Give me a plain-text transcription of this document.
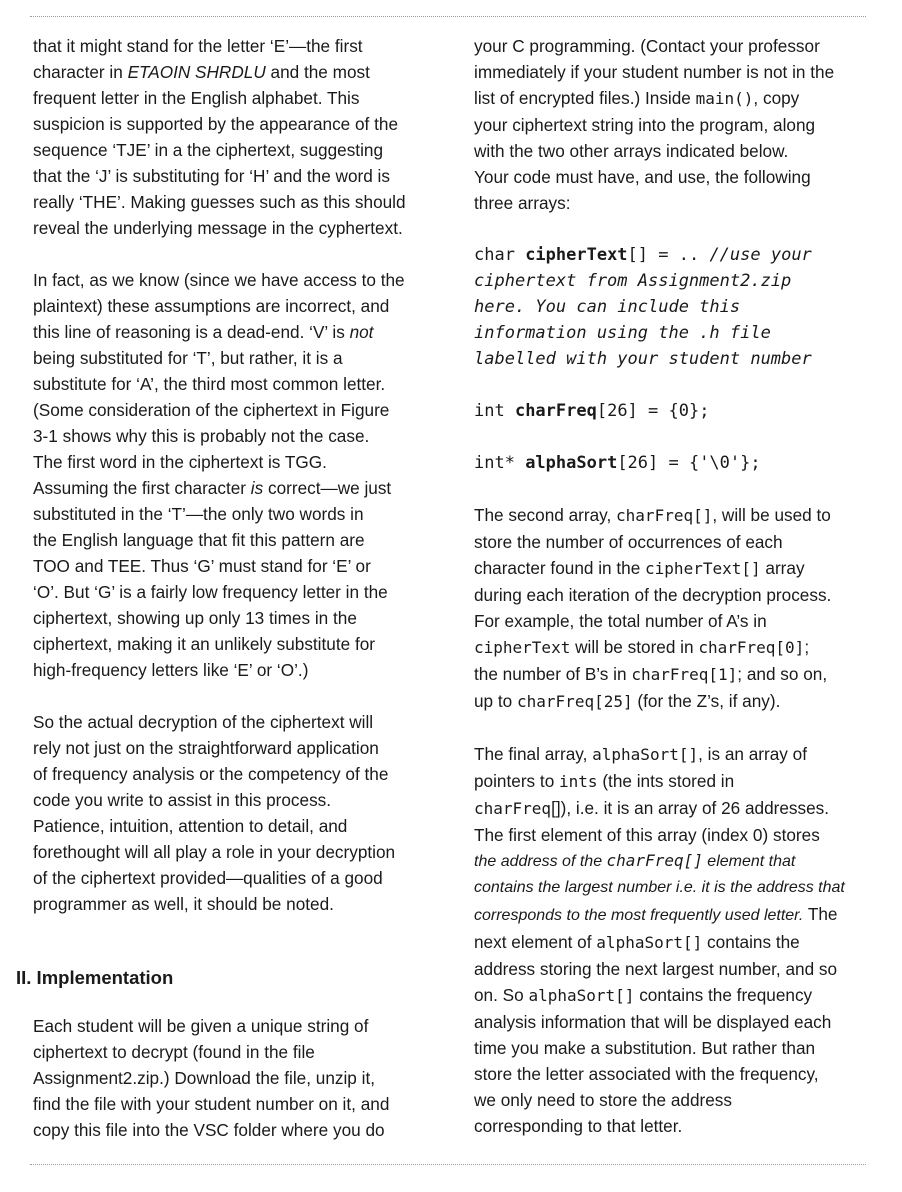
that it might stand for the letter ‘E’—the first
character in ETAOIN SHRDLU and the most
frequent letter in the English alphabet. This
suspicion is supported by the appearance of the
sequence ‘TJE’ in a the ciphertext, suggesting
that the ‘J’ is substituting for ‘H’ and the word is
really ‘THE’. Making guesses such as this should
reveal the underlying message in the cyphertext.

In fact, as we know (since we have access to the
plaintext) these assumptions are incorrect, and
this line of reasoning is a dead-end. ‘V’ is not
being substituted for ‘T’, but rather, it is a
substitute for ‘A’, the third most common letter.
(Some consideration of the ciphertext in Figure
3-1 shows why this is probably not the case.
The first word in the ciphertext is TGG.
Assuming the first character is correct—we just
substituted in the ‘T’—the only two words in
the English language that fit this pattern are
TOO and TEE. Thus ‘G’ must stand for ‘E’ or
‘O’. But ‘G’ is a fairly low frequency letter in the
ciphertext, showing up only 13 times in the
ciphertext, making it an unlikely substitute for
high-frequency letters like ‘E’ or ‘O’.)

So the actual decryption of the ciphertext will
rely not just on the straightforward application
of frequency analysis or the competency of the
code you write to assist in this process.
Patience, intuition, attention to detail, and
forethought will all play a role in your decryption
of the ciphertext provided—qualities of a good
programmer as well, it should be noted.

II. Implementation
Each student will be given a unique string of
ciphertext to decrypt (found in the file
Assignment2.zip.) Download the file, unzip it,
find the file with your student number on it, and
copy this file into the VSC folder where you do

your C programming. (Contact your professor
immediately if your student number is not in the
list of encrypted files.) Inside main(), copy
your ciphertext string into the program, along
with the two other arrays indicated below.
Your code must have, and use, the following
three arrays:

char cipherText[] = .. //use your
ciphertext from Assignment2.zip
here. You can include this
information using the .h file
labelled with your student number
int charFreq[26] = {0};
int* alphaSort[26] = {'\0'};

The second array, charFreq[], will be used to
store the number of occurrences of each
character found in the cipherText[] array
during each iteration of the decryption process.
For example, the total number of A’s in
cipherText will be stored in charFreq[0];
the number of B’s in charFreq[1]; and so on,
up to charFreq[25] (for the Z’s, if any).

The final array, alphaSort[], is an array of
pointers to ints (the ints stored in
charFreq[]), i.e. it is an array of 26 addresses.
The first element of this array (index 0) stores
the address of the charFreq[] element that
contains the largest number i.e. it is the address that
corresponds to the most frequently used letter. The
next element of alphaSort[] contains the
address storing the next largest number, and so
on. So alphaSort[] contains the frequency
analysis information that will be displayed each
time you make a substitution. But rather than
store the letter associated with the frequency,
we only need to store the address
corresponding to that letter.
